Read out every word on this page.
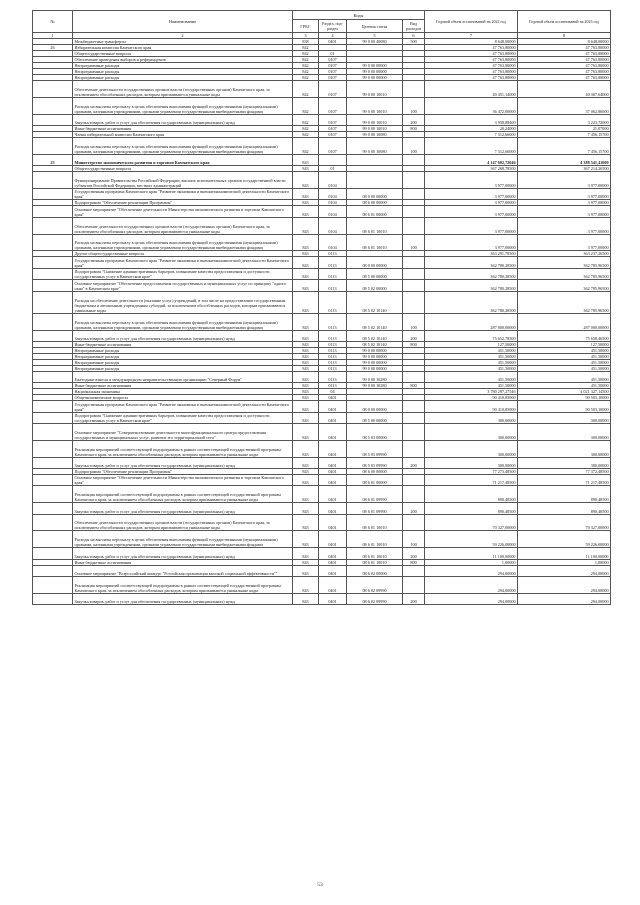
№	Наименование	Коды				Годовой объем ассигнований на 2022 год	Годовой объем ассигнований на 2023 год
		ГРБС	Раздел, под-раздел	Целевая статья	Вид расходов		
1	2	3	4	5	6	7	8
	Межбюджетные трансферты	838	0401	99 0 00 40080	500	8 648,00000	8 648,00000
26	Избирательная комиссия Камчатского края	842				47 763,80000	47 763,80000
	Общегосударственные вопросы	842	01			47 763,80000	47 763,80000
	Обеспечение проведения выборов и референдумов	842	0107			47 763,80000	47 763,80000
	Непрограммные расходы	842	0107	99 0 00 00000		47 763,80000	47 763,80000
	Непрограммные расходы	842	0107	99 0 00 00000		47 763,80000	47 763,80000
	Непрограммные расходы	842	0107	99 0 00 00000		47 763,80000	47 763,80000
	Обеспечение деятельности государственных органов власти (государственных органов) Камчатского края, за исключением обособленных расходов, которым присваиваются уникальные коды	842	0107	99 0 00 10010		40 451,14000	40 307,64000
	Расходы на выплаты персоналу в целях обеспечения выполнения функций государственными (муниципальными) органами, казенными учреждениями, органами управления государственными внебюджетными фондами	842	0107	99 0 00 10010	100	36 472,00000	37 062,86000
	Закупка товаров, работ и услуг для обеспечения государственных (муниципальных) нужд	842	0107	99 0 00 10010	200	3 958,88400	3 223,72000
	Иные бюджетные ассигнования	842	0107	99 0 00 10010	800	20,24000	21,07000
	Члены избирательной комиссии Камчатского края	842	0107	99 0 00 10080		7 312,66000	7 456,15700
	Расходы на выплаты персоналу в целях обеспечения выполнения функций государственными (муниципальными) органами, казенными учреждениями, органами управления государственными внебюджетными фондами	842	0107	99 0 00 10080	100	7 312,66000	7 456,15700
25	Министерство экономического развития и торговли Камчатского края	843				4 147 602,72046	4 388 541,41000
	Общегосударственные вопросы	843	01			367 268,78500	367 214,26500
	Функционирование Правительства Российской Федерации, высших исполнительных органов государственной власти субъектов Российской Федерации, местных администраций	843	0104			3 977,00000	3 977,00000
	Государственная программа Камчатского края "Развитие экономики и внешнеэкономической деятельности Камчатского края"	843	0104	08 0 00 00000		3 977,00000	3 977,00000
	Подпрограмма "Обеспечение реализации Программы"	843	0104	08 6 00 00000		3 977,00000	3 977,00000
	Основное мероприятие "Обеспечение деятельности Министерства экономического развития и торговли Камчатского края"	843	0104	08 6 01 00000		3 977,00000	3 977,00000
	Обеспечение деятельности государственных органов власти (государственных органов) Камчатского края, за исключением обособленных расходов, которым присваиваются уникальные коды	843	0104	08 6 01 10010		3 977,00000	3 977,00000
	Расходы на выплаты персоналу в целях обеспечения выполнения функций государственными (муниципальными) органами, казенными учреждениями, органами управления государственными внебюджетными фондами	843	0104	08 6 01 10010	100	3 977,00000	3 977,00000
	Другие общегосударственные вопросы	843	0113			363 291,78500	363 237,26500
	Государственная программа Камчатского края "Развитие экономики и внешнеэкономической деятельности Камчатского края"	843	0113	08 0 00 00000		362 780,28500	362 785,96500
	Подпрограмма "Снижение административных барьеров, повышение качества предоставления и доступности государственных услуг в Камчатском крае"	843	0113	08 5 00 00000		362 780,28500	362 785,96500
	Основное мероприятие "Обеспечение предоставления государственных и муниципальных услуг по принципу "одного окна" в Камчатском крае"	843	0113	08 5 02 00000		362 780,28500	362 785,96500
	Расходы на обеспечение деятельности (оказание услуг) учреждений, в том числе на предоставление государственным бюджетным и автономным учреждениям субсидий, за исключением обособленных расходов, которым присваиваются уникальные коды	843	0113	08 5 02 10140		362 780,28500	362 785,96500
	Расходы на выплаты персоналу в целях обеспечения выполнения функций государственными (муниципальными) органами, казенными учреждениями, органами управления государственными внебюджетными фондами	843	0113	08 5 02 10140	100	287 000,00000	287 000,00000
	Закупка товаров, работ и услуг для обеспечения государственных (муниципальных) нужд	843	0113	08 5 02 10140	200	75 652,78500	75 658,46500
	Иные бюджетные ассигнования	843	0113	08 5 02 10140	800	127,50000	127,50000
	Непрограммные расходы	843	0113	99 0 00 00000		451,50000	451,50000
	Непрограммные расходы	843	0113	99 0 00 00000		451,50000	451,50000
	Непрограммные расходы	843	0113	99 0 00 00000		451,50000	451,50000
	Непрограммные расходы	843	0113	99 0 00 00000		451,50000	451,50000
	Ежегодные взносы в международную неправительственную организацию "Северный Форум"	843	0113	99 0 00 10280		451,50000	451,50000
	Иные бюджетные ассигнования	843	0113	99 0 00 10280	800	451,50000	451,50000
	Национальная экономика	843	04			3 780 297,27546	4 021 327,14500
	Общеэкономические вопросы	843	0401			90 410,85000	90 503,10000
	Государственная программа Камчатского края "Развитие экономики и внешнеэкономической деятельности Камчатского края"	843	0401	08 0 00 00000		90 410,85000	90 503,10000
	Подпрограмма "Снижение административных барьеров, повышение качества предоставления и доступности государственных услуг в Камчатском крае"	843	0401	08 5 00 00000		300,00000	300,00000
	Основное мероприятие "Совершенствование деятельности многофункционального центра предоставления государственных и муниципальных услуг, развитие его территориальной сети"	843	0401	08 5 03 00000		300,00000	300,00000
	Реализация мероприятий соответствующей подпрограммы в рамках соответствующей государственной программы Камчатского края, за исключением обособленных расходов, которым присваиваются уникальные коды	843	0401	08 5 03 09990		300,00000	300,00000
	Закупка товаров, работ и услуг для обеспечения государственных (муниципальных) нужд	843	0401	08 5 03 09990	200	300,00000	300,00000
	Подпрограмма "Обеспечение реализации Программы"	843	0401	08 6 00 00000		77 273,48500	77 372,48500
	Основное мероприятие "Обеспечение деятельности Министерства экономического развития и торговли Камчатского края"	843	0401	08 6 01 00000		71 217,48500	71 217,48500
	Реализация мероприятий соответствующей подпрограммы в рамках соответствующей государственной программы Камчатского края, за исключением обособленных расходов, которым присваиваются уникальные коды	843	0401	08 6 01 09990		890,48500	890,48500
	Закупка товаров, работ и услуг для обеспечения государственных (муниципальных) нужд	843	0401	08 6 01 09990	200	890,48500	890,48500
	Обеспечение деятельности государственных органов власти (государственных органов) Камчатского края, за исключением обособленных расходов, которым присваиваются уникальные коды	843	0401	08 6 01 10010		70 327,00000	70 327,00000
	Расходы на выплаты персоналу в целях обеспечения выполнения функций государственными (муниципальными) органами, казенными учреждениями, органами управления государственными внебюджетными фондами	843	0401	08 6 01 10010	100	59 226,00000	59 226,00000
	Закупка товаров, работ и услуг для обеспечения государственных (муниципальных) нужд	843	0401	08 6 01 10010	200	11 100,00000	11 100,00000
	Иные бюджетные ассигнования	843	0401	08 6 01 10010	800	1,00000	1,00000
	Основное мероприятие "Всероссийский конкурс "Российская организация высокой социальной эффективности""	843	0401	08 6 02 00000		294,00000	294,00000
	Реализация мероприятий соответствующей подпрограммы в рамках соответствующей государственной программы Камчатского края, за исключением обособленных расходов, которым присваиваются уникальные коды	843	0401	08 6 02 09990		294,00000	294,00000
	Закупка товаров, работ и услуг для обеспечения государственных (муниципальных) нужд	843	0401	08 6 02 09990	200	294,00000	294,00000
53
